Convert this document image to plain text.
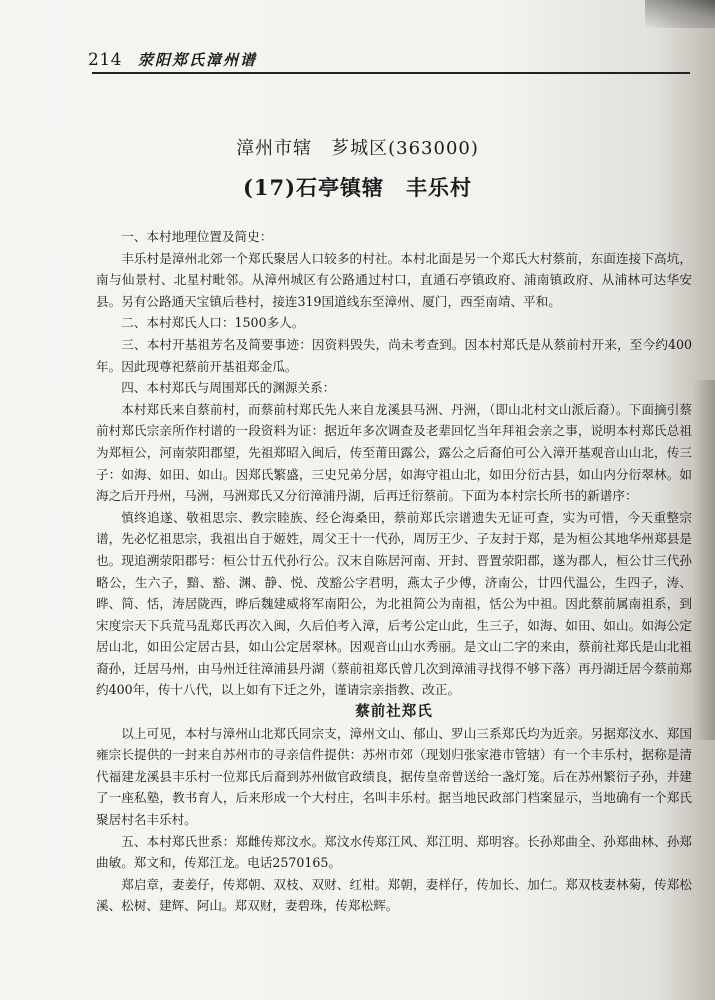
214 荥阳郑氏漳州谱
漳州市辖　芗城区(363000)
(17)石亭镇辖　丰乐村

一、本村地理位置及简史：

丰乐村是漳州北郊一个郑氏聚居人口较多的村社。本村北面是另一个郑氏大村蔡前，东面连接下高坑，南与仙景村、北星村毗邻。从漳州城区有公路通过村口，直通石亭镇政府、浦南镇政府、从浦林可达华安县。另有公路通天宝镇后巷村，接连319国道线东至漳州、厦门，西至南靖、平和。

二、本村郑氏人口：1500多人。

三、本村开基祖芳名及简要事迹：因资料毁失，尚未考查到。因本村郑氏是从蔡前村开来，至今约400年。因此现尊祀蔡前开基祖郑金瓜。

四、本村郑氏与周围郑氏的渊源关系：

本村郑氏来自蔡前村，而蔡前村郑氏先人来自龙溪县马洲、丹洲，（即山北村文山派后裔）。下面摘引蔡前村郑氏宗亲所作村谱的一段资料为证：据近年多次调查及老辈回忆当年拜祖会亲之事，说明本村郑氏总祖为郑桓公，河南荥阳郡望，先祖郑昭入闽后，传至莆田露公，露公之后裔伯可公入漳开基观音山山北，传三子：如海、如田、如山。因郑氏繁盛，三史兄弟分居，如海守祖山北，如田分衍古县，如山内分衍翠林。如海之后开丹州，马洲，马洲郑氏又分衍漳浦丹湖，后再迁衍蔡前。下面为本村宗长所书的新谱序：

慎终追遂、敬祖思宗、教宗睦族、经仑海桑田，蔡前郑氏宗谱遗失无证可查，实为可惜，今天重整宗谱，先必忆祖思宗，我祖出自于姬姓，周父王十一代孙，周厉王少、子友封于郑，是为桓公其地华州郑县是也。现追溯荥阳郡号：桓公廿五代孙行公。汉末自陈居河南、开封、晋置荥阳郡，遂为郡人，桓公廿三代孙略公，生六子，黯、豁、渊、静、悦、茂豁公字君明，燕太子少傅，济南公，廿四代温公，生四子，涛、晔、简、恬，涛居陇西，晔后魏建威将军南阳公，为北祖简公为南祖，恬公为中祖。因此蔡前属南祖系，到宋度宗天下兵荒马乱郑氏再次入闽，久后伯考入漳，后考公定山此，生三子，如海、如田、如山。如海公定居山北，如田公定居古县，如山公定居翠林。因观音山山水秀丽。是文山二字的来由，蔡前社郑氏是山北祖裔孙，迁居马州，由马州迁往漳浦县丹湖（蔡前祖郑氏曾几次到漳浦寻找得不够下落）再丹湖迁居今蔡前郑约400年，传十八代，以上如有下迁之外，谨请宗亲指教、改正。

蔡前社郑氏

以上可见，本村与漳州山北郑氏同宗支，漳州文山、郁山、罗山三系郑氏均为近亲。另据郑汶水、郑国雍宗长提供的一封来自苏州市的寻亲信件提供：苏州市郊（现划归张家港市管辖）有一个丰乐村，据称是清代福建龙溪县丰乐村一位郑氏后裔到苏州做官政绩良，据传皇帝曾送给一盏灯笼。后在苏州繁衍子孙，并建了一座私塾，教书育人，后来形成一个大村庄，名叫丰乐村。据当地民政部门档案显示，当地确有一个郑氏聚居村名丰乐村。

五、本村郑氏世系：郑雌传郑汶水。郑汶水传郑江风、郑江明、郑明容。长孙郑曲全、孙郑曲林、孙郑曲敏。郑文和，传郑江龙。电话2570165。

郑启章，妻姜仔，传郑朝、双枝、双财、红柑。郑朝，妻样仔，传加长、加仁。郑双枝妻林菊，传郑松溪、松树、建辉、阿山。郑双财，妻碧珠，传郑松辉。
